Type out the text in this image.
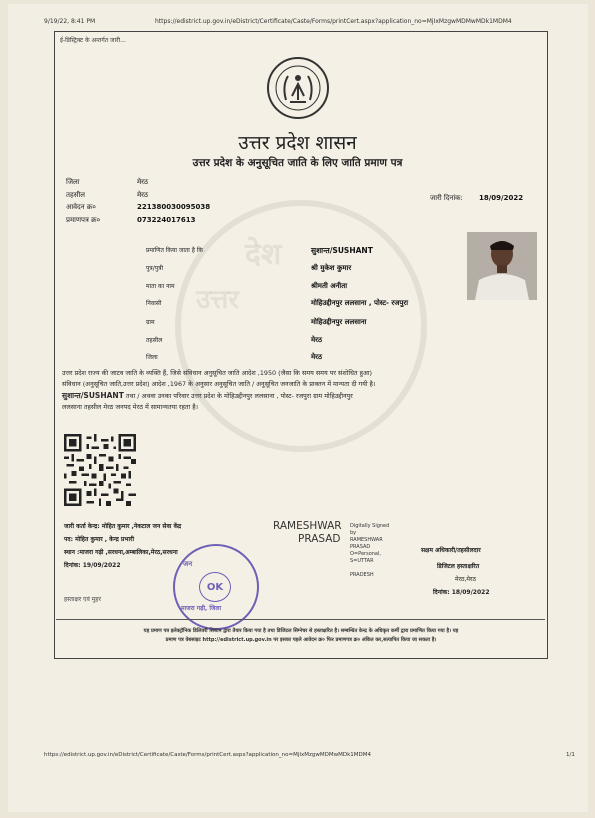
9/19/22, 8:41 PM	https://edistrict.up.gov.in/eDistrict/Certificate/Caste/Forms/printCert.aspx?application_no=MjIxMzgwMDMwMDk1MDM4
देश
उत्तर
ई-डिस्ट्रिक्ट के अन्तर्गत जारी...
उत्तर प्रदेश शासन
उत्तर प्रदेश के अनुसूचित जाति के लिए जाति प्रमाण पत्र
जिला	मेरठ
तहसील	मेरठ
आवेदन क्र०	221380030095038
प्रमाणपत्र क्र०	073224017613
जारी दिनांक: 18/09/2022
प्रमाणित किया जाता है कि	सुशान्त/SUSHANT
पुत्र/पुत्री	श्री मुकेश कुमार
माता का नाम	श्रीमती अनीता
निवासी	मोहिउद्दीनपुर ललसाना , पोस्ट- रजपुरा
ग्राम	मोहिउद्दीनपुर ललसाना
तहसील	मेरठ
जिला	मेरठ
उत्तर प्रदेश राज्य की जाटव जाति के व्यक्ति हैं, जिसे संविधान अनुसूचित जाति आदेश ,1950 (जैसा कि समय समय पर संशोधित हुआ)
संविधान (अनुसूचित जाति,उत्तर प्रदेश) आदेश ,1967 के अनुसार अनुसूचित जाति / अनुसूचित जनजाति के प्राक्तन में मान्यता दी गयी है।
सुशान्त/SUSHANT तथा / अथवा उनका परिवार उत्तर प्रदेश के मोहिउद्दीनपुर ललसाना , पोस्ट- रजपुरा ग्राम मोहिउद्दीनपुर
ललसाना तहसील मेरठ जनपद मेरठ में सामान्यतया रहता है।
जारी कर्ता केन्द्र: मोहित कुमार ,नेकटाल जन सेवा केंद्र
पद: मोहित कुमार , केन्द्र प्रभारी
स्थान :माजरा गढ़ी ,सरधना,अम्बालिका,मेरठ,सरधना
दिनांक: 19/09/2022
हस्ताक्षर एवं मुहर
जन
माजरा गढ़ी, जिला
OK
RAMESHWAR
PRASAD
Digitally Signed
by
RAMESHWAR
PRASAD
O=Personal,
S=UTTAR
PRADESH
सक्षम अधिकारी/तहसीलदार
डिजिटल हस्ताक्षरित
मेरठ,मेरठ
दिनांक: 18/09/2022
यह प्रमाण पत्र इलेक्ट्रॉनिक डिलिवरी सिस्टम द्वारा तैयार किया गया है तथा डिजिटल सिग्नेचर से हस्ताक्षरित है। सम्बन्धित केन्द्र के अधिकृत कर्मी द्वारा प्रमाणित किया गया है। यह
प्रमाण पत्र वेबसाइट http://edistrict.up.gov.in पर इसका पहले आवेदन क्र० फिर प्रमाणपत्र क्र० अंकित कर,सत्यापित किया जा सकता है।
https://edistrict.up.gov.in/eDistrict/Certificate/Caste/Forms/printCert.aspx?application_no=MjIxMzgwMDMwMDk1MDM4	1/1
